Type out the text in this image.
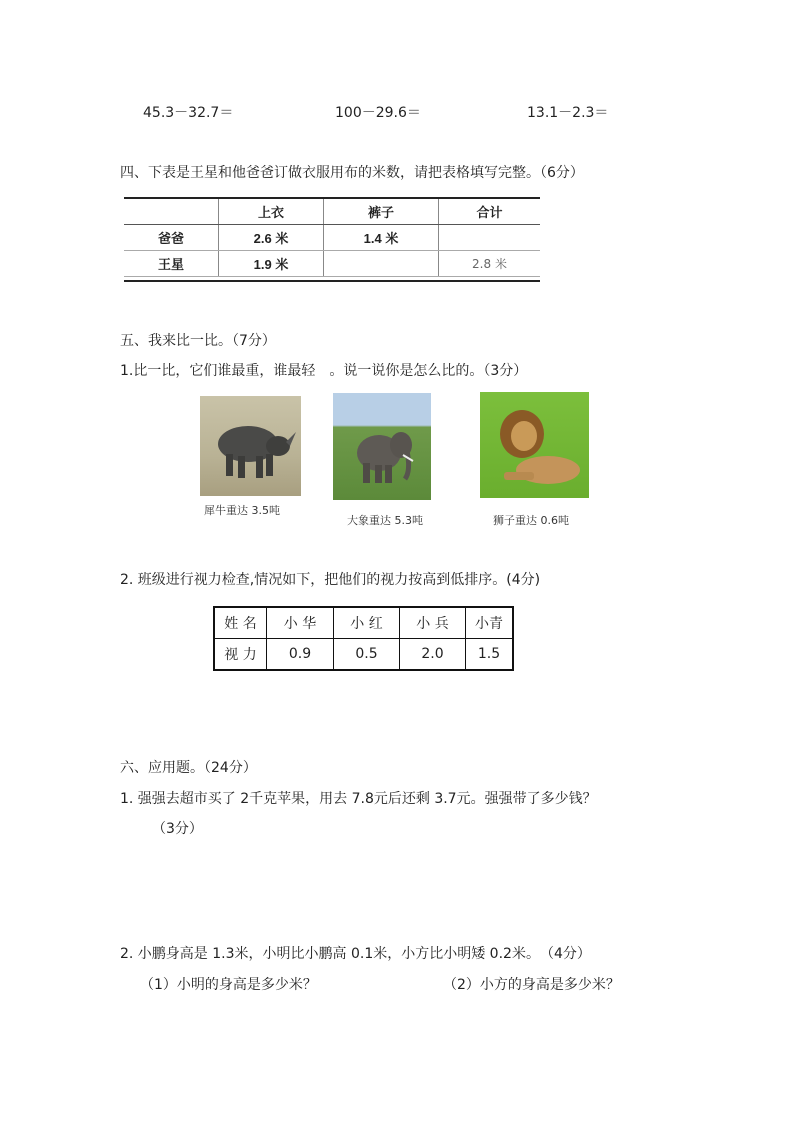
45.3－32.7＝	100－29.6＝	13.1－2.3＝
四、下表是王星和他爸爸订做衣服用布的米数，请把表格填写完整。（6分）
	上衣	裤子	合计
爸爸	2.6 米	1.4 米	
王星	1.9 米		2.8 米
五、我来比一比。（7分）
1.比一比，它们谁最重，谁最轻　。说一说你是怎么比的。（3分）
犀牛重达 3.5吨
大象重达 5.3吨	狮子重达 0.6吨
2. 班级进行视力检查,情况如下，把他们的视力按高到低排序。(4分)
姓 名	小 华	小 红	小 兵	小青
视 力	0.9	0.5	2.0	1.5
六、应用题。（24分）
1. 强强去超市买了 2千克苹果，用去 7.8元后还剩 3.7元。强强带了多少钱？
（3分）
2. 小鹏身高是 1.3米，小明比小鹏高 0.1米，小方比小明矮 0.2米。　（4分）
（1）小明的身高是多少米？	（2）小方的身高是多少米？
